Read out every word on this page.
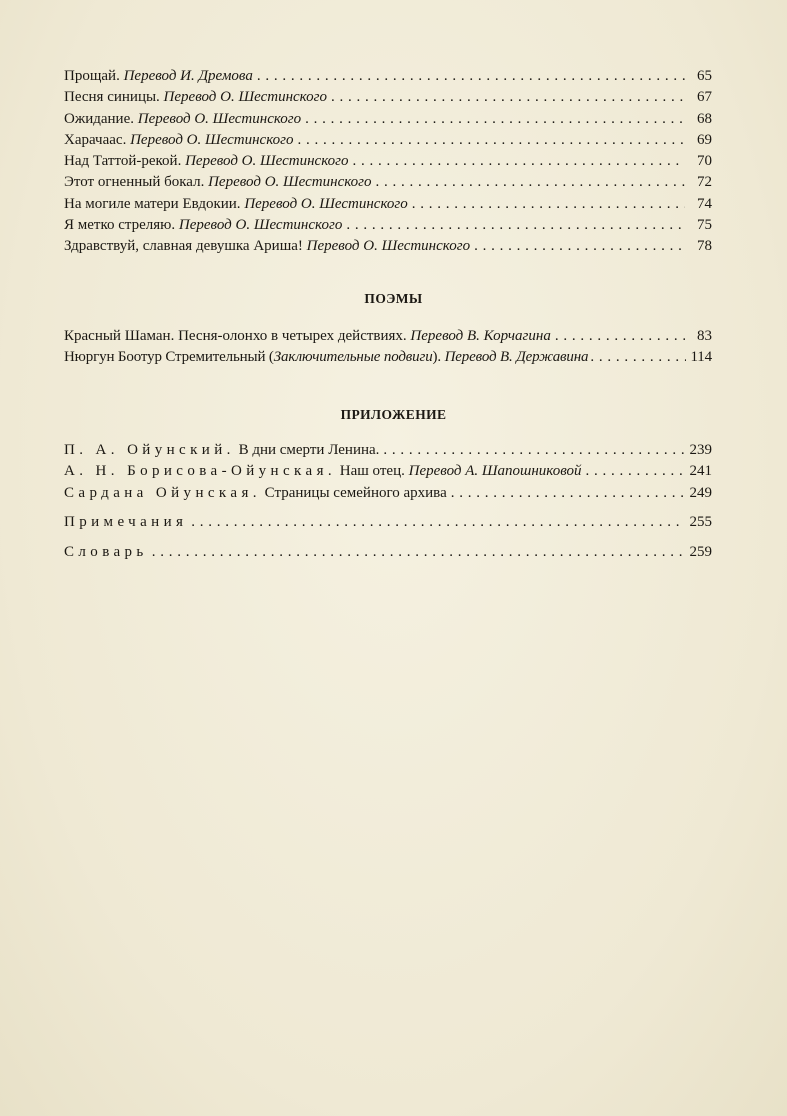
Прощай. Перевод И. Дремова . . .	65
Песня синицы. Перевод О. Шестинского . . .	67
Ожидание. Перевод О. Шестинского . . .	68
Харачаас. Перевод О. Шестинского . . .	69
Над Таттой-рекой. Перевод О. Шестинского . . .	70
Этот огненный бокал. Перевод О. Шестинского . . .	72
На могиле матери Евдокии. Перевод О. Шестинского . . .	74
Я метко стреляю. Перевод О. Шестинского . . .	75
Здравствуй, славная девушка Ариша! Перевод О. Шестинского . . .	78
ПОЭМЫ
Красный Шаман. Песня-олонхо в четырех действиях. Перевод В. Корчагина . . .	83
Нюргун Боотур Стремительный (Заключительные подвиги). Перевод В. Державина . . .	114
ПРИЛОЖЕНИЕ
П. А. Ойунский. В дни смерти Ленина. . . .	239
А. Н. Борисова-Ойунская. Наш отец. Перевод А. Шапошниковой . . .	241
Сардана Ойунская. Страницы семейного архива . . .	249
Примечания . . .	255
Словарь . . .	259
